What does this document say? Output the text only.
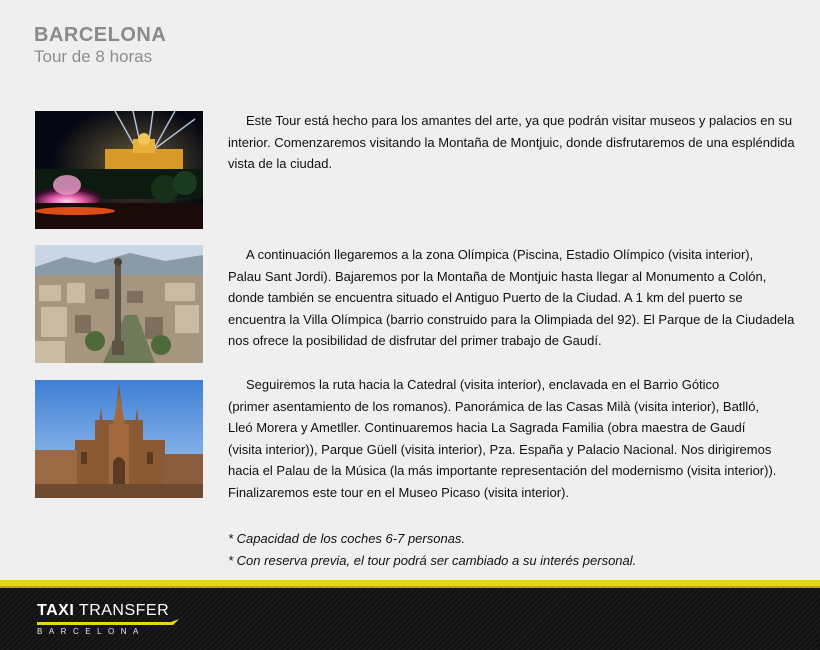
BARCELONA
Tour de 8 horas
Este Tour está hecho para los amantes del arte, ya que podrán visitar museos y palacios en su
interior. Comenzaremos visitando la Montaña de Montjuic, donde disfrutaremos de una espléndida
vista de la ciudad.
A continuación llegaremos a la zona Olímpica (Piscina, Estadio Olímpico (visita interior),
Palau Sant Jordi). Bajaremos por la Montaña de Montjuic hasta llegar al Monumento a Colón,
donde también se encuentra situado el Antiguo Puerto de la Ciudad. A 1 km del puerto se
encuentra la Villa Olímpica (barrio construido para la Olimpiada del 92). El Parque de la Ciudadela
nos ofrece la posibilidad de disfrutar del primer trabajo de Gaudí.
Seguiremos la ruta hacia la Catedral (visita interior), enclavada en el Barrio Gótico
(primer asentamiento de los romanos). Panorámica de las Casas Milà (visita interior), Batlló,
Lleó Morera y Ametller. Continuaremos hacia La Sagrada Familia (obra maestra de Gaudí
(visita interior)), Parque Güell (visita interior), Pza. España y Palacio Nacional. Nos dirigiremos
hacia el Palau de la Música (la más importante representación del modernismo (visita interior)).
Finalizaremos este tour en el Museo Picaso (visita interior).
* Capacidad de los coches 6-7 personas.
* Con reserva previa, el tour podrá ser cambiado a su interés personal.
TAXI TRANSFER
BARCELONA
